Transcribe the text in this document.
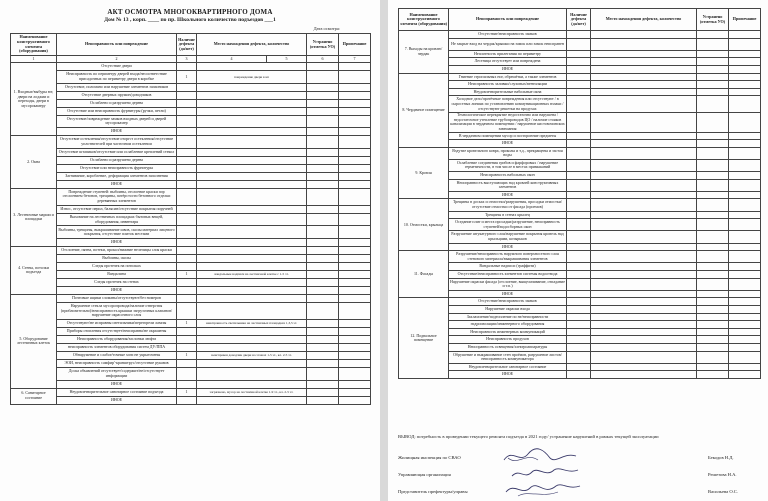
АКТ ОСМОТРА МНОГОКВАРТИРНОГО ДОМА
Дом № 13 , корп. ____ по пр. Школьного количество подъездов ___1
Дата осмотра:
Наименование конструктивного элемента (оборудования)	Неисправность или повреждение	Наличие дефекта (да/нет)	Место нахождения дефекта, количество		Устранено (отметка УО)	Примечание
1	2	3	4	5	6	7
1. Входные/выбуры ют, двери на лоджии и переходы, двери в мусорокамеру	Отсутствие двери					
	Неисправность по периметру дверей входа/несоответствие присадочных по периметру двери в коробке	1	повреждение двери в кп			
	Отсутствие, поломано или нарушение элементов запасников					
	Отсутствие дверных пружин/доводчиков					
	Ослаблено и разрушено дерева					
	Отсутствие или неисправность фурнитуры (ручки, петли)					
	Отсутствие/повреждение замков входных дверей и дверей мусорокамер					
	ИНОЕ					
2. Окна	Отсутствие остекления/отсутствие оторгст остекления/отсутствие уплотнителей при частичном остеклении					
	Отсутствие штапиков/отсутствие или ослабление креплений стекол					
	Ослаблено и разрушено дерева					
	Отсутствие или неисправность фурнитуры					
	Загнивание, коробление, деформация элементов заполнения					
	ИНОЕ					
3. Лестничные марши и площадки	Повреждение ступеней: выбоины, отслоение краски пэр отслоением бетонов, трещины, потёрстости бетонного отделки деревянных элементов					
	Износ, отсутствие перил, балясин/отсутствие покрытия поручней					
	Выхование на лестничных площадках бытовых вещей, оборудования, инвентаря					
	Выбоины, трещины, выкрашивание швов, сколы материал лицевого покрытия, отсутствие плиток местами					
	ИНОЕ					
4. Стены, потолки подъезда	Отслоение, пятна, потеки, прокол/нижние нелепицы слоя краски					
	Выбоины, сколы					
	Следы протечек на потолках					
	Вандализм	1	вандальные надписи на лестничной клетке с 1-5 эт.			
	Следы протечек на стенах					
	ИНОЕ					
5. Оборудование лестничных клеток	Почтовые ящики сломаны/отсутствуют/без номеров					
	Нарушение стекла мусоропровода/наличие отверстия (приблизительно)/неисправность крышки загрузочных клапанов/нарушение окрасочного слоя					
	Отсутствуют/не исправны светильники/перегорели лампы	1	неисправность светильника на лестничных площадках 1,3,5 эт.			
	Приборы отопления отсутствует/неисправна/не окрашены					
	Неисправность оборудования/заслонки люфта					
	неисправность элементов оборудования систем ДУ/ППА					
	Обнаружение и слабое/точные хэги не укрыточены	1	неисправен доводчик двери на этажах 1-5 эт., кл. 2-5 эт.			
	ЭОИ, неисправность самфир'-кранштрус/отсутствие рукавов					
	Доска объявлений отсутствует/содержит/не/отсутствует информации					
	ИНОЕ					
6. Санитарное состояние	Неудовлетворительное санитарное состояние подъезда	1	загрязнено, мусор на лестничной клетке 1-9 эт., кл. 2-5 эт.			
	ИНОЕ					
Наименование конструктивного элемента (оборудования)	Неисправность или повреждение	Наличие дефекта (да/нет)	Место нахождения дефекта, количество	Устранено (отметка УО)	Примечание
7. Выходы на кровлю/чердак	Отсутствие/неисправность замков				
	Не закрыт вход на чердак/крышки на замок или замок неисправен				
	Неплотность прилегания по периметру				
	Лестница отсутствует или повреждена				
	ИНОЕ				
8. Чердачное помещение	Гниение стропильных ног, обрешётки, а также элементов				
	Неисправность заливки/слуховых/вентиляции				
	Неудовлетворительные набольные окна				
	Холодное дело/протёчные повреждения или отсутствуют / в сыростных линиях по установлению коммуникационных взлаки / отсутствуют решетки на продухах				
	Технологическое перекрытие недостаточно или нарушена / недостаточное утепление трубопроводов ЦО / наличие стояков канализации в чердачном помещении / нарушение кистовочинских завешания				
	В чердачном помещении мусор и посторонние предметы				
	ИНОЕ				
9. Кровля	Вздутие кровельного ковра, проколы и т.д., прекращены и застоя воды				
	Ослабление соединения грибов и фарфоровых / нарушение герметичности, в том числе в местах примыканий				
	Неисправность набольных окон				
	Неисправность выступающих над кровлей конструктивных элементов				
	ИНОЕ				
10. Отмостки, крыльца	Трещины в досках и отмостки/разрушения, просадки отмостки/отсутствие отмостки от фасада (проемов)				
	Трещины в стенах крылец				
	Оседание плит и места просадки/разрушение, неисправность ступеней/водосборных окон				
	Разрушение штукатурного слоя/нарушение покрытия кровель над крыльцами, козырьков				
	ИНОЕ				
11. Фасады	Разрушение/неисправность наружного поверхностного слоя стенового материала/выкрашивания элементов				
	Вандальные надписи (граффити)				
	Отсутствие/неисправность элементов системы водоотвода				
	Нарушение окраски фасада (отслоение, выщелачивание, отпадание и т.п.)				
	ИНОЕ				
12. Подвальное помещение	Отсутствие/неисправность замков				
	Нарушение окраски входа				
	Захламление/подтопление по не/неисправности				
	гидроизоляции/инженерного оборудования				
	Неисправность инженерных коммуникаций				
	Неисправность продухов				
	Неисправность освещения/электроаппаратуры				
	Обрушение и выкрашивание стен проёмов, разрушение листов/неисправность коммуникатора				
	Неудовлетворительное санитарное состояние				
	ИНОЕ				
ВЫВОД: потребность в проведении текущего ремонта подъезда в 2021 году/ устранение нарушений в рамках текущей эксплуатации
Жилищная инспекция по СВАО	Бекодов Н.Д.
Управляющая организация	Решетова Н.А.
Представитель префектуры/управы	Васильева О.С.
